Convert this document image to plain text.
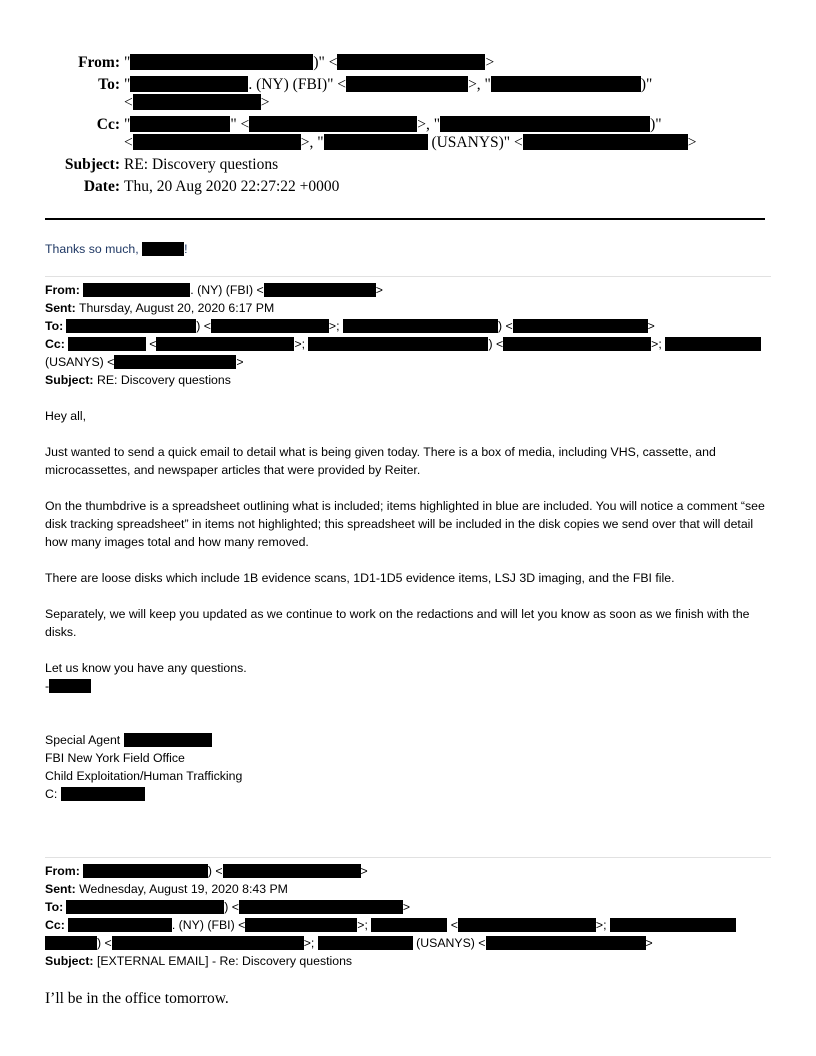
From: "	)" <	>
To: "	. (NY) (FBI)" <	>, "	)"
<	>
Cc: "	" <	>, "	)"
<	>, "	(USANYS)" <	>
Subject: RE: Discovery questions
Date: Thu, 20 Aug 2020 22:27:22 +0000
Thanks so much,	!
From:	. (NY) (FBI) <	>
Sent: Thursday, August 20, 2020 6:17 PM
To:	) <	>;	) <	>
Cc:	<	>;	) <	>;
(USANYS) <	>
Subject: RE: Discovery questions
Hey all,
Just wanted to send a quick email to detail what is being given today. There is a box of media, including VHS, cassette, and microcassettes, and newspaper articles that were provided by Reiter.
On the thumbdrive is a spreadsheet outlining what is included; items highlighted in blue are included. You will notice a comment “see disk tracking spreadsheet” in items not highlighted; this spreadsheet will be included in the disk copies we send over that will detail how many images total and how many removed.
There are loose disks which include 1B evidence scans, 1D1-1D5 evidence items, LSJ 3D imaging, and the FBI file.
Separately, we will keep you updated as we continue to work on the redactions and will let you know as soon as we finish with the disks.
Let us know you have any questions.
-
Special Agent
FBI New York Field Office
Child Exploitation/Human Trafficking
C:
From:	) <	>
Sent: Wednesday, August 19, 2020 8:43 PM
To:	) <	>
Cc:	. (NY) (FBI) <	>;	<	>;
) <	>;	(USANYS) <	>
Subject: [EXTERNAL EMAIL] - Re: Discovery questions
I’ll be in the office tomorrow.
